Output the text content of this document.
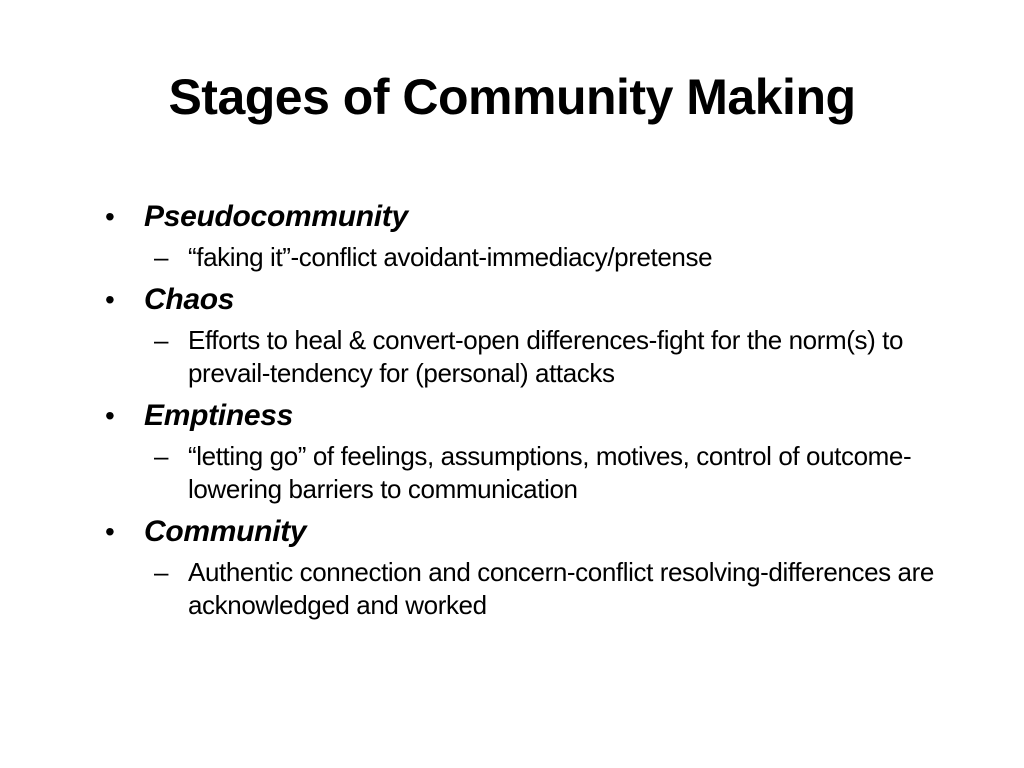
Stages of Community Making
• Pseudocommunity
– “faking it”-conflict avoidant-immediacy/pretense
• Chaos
– Efforts to heal & convert-open differences-fight for the norm(s) to prevail-tendency for (personal) attacks
• Emptiness
– “letting go” of feelings, assumptions, motives, control of outcome-lowering barriers to communication
• Community
– Authentic connection and concern-conflict resolving-differences are acknowledged and worked
